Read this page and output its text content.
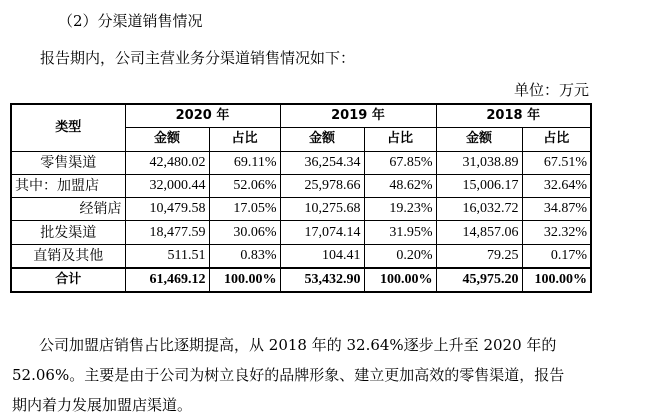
（2）分渠道销售情况
报告期内，公司主营业务分渠道销售情况如下：
单位：万元
类型	2020 年		2019 年		2018 年	
	金额	占比	金额	占比	金额	占比
零售渠道	42,480.02	69.11%	36,254.34	67.85%	31,038.89	67.51%
其中：加盟店	32,000.44	52.06%	25,978.66	48.62%	15,006.17	32.64%
经销店	10,479.58	17.05%	10,275.68	19.23%	16,032.72	34.87%
批发渠道	18,477.59	30.06%	17,074.14	31.95%	14,857.06	32.32%
直销及其他	511.51	0.83%	104.41	0.20%	79.25	0.17%
合计	61,469.12	100.00%	53,432.90	100.00%	45,975.20	100.00%
公司加盟店销售占比逐期提高，从 2018 年的 32.64%逐步上升至 2020 年的
52.06%。主要是由于公司为树立良好的品牌形象、建立更加高效的零售渠道，报告
期内着力发展加盟店渠道。
